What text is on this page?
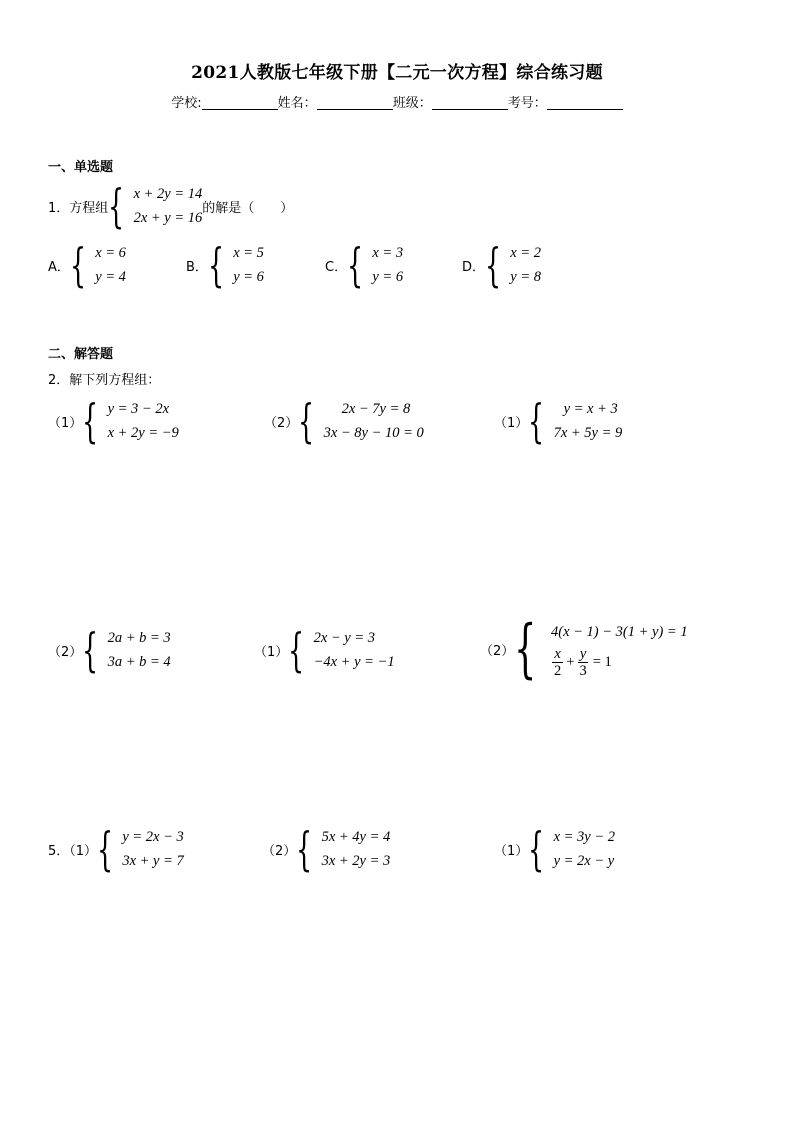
2021人教版七年级下册【二元一次方程】综合练习题
学校:	姓名：	班级：	考号：
一、单选题
1． 方程组 { x + 2y = 14
2x + y = 16
的解是（　　）
A． { x = 6
y = 4
B． { x = 5
y = 6
C． { x = 3
y = 6
D． { x = 2
y = 8
二、解答题
2．解下列方程组：
（1） { y = 3 − 2x
x + 2y = −9
（2） {	2x − 7y = 8
3x − 8y − 10 = 0
（1） {	y = x + 3
7x + 5y = 9
（2） { 2a + b = 3
3a + b = 4
（1） { 2x − y = 3
−4x + y = −1
（2） { 4(x − 1) − 3(1 + y) = 1
$\frac{x}{2} + \frac{y}{3} = 1$
5．（1） { y = 2x − 3
3x + y = 7
（2） { 5x + 4y = 4
3x + 2y = 3
（1） { x = 3y − 2
y = 2x − y
